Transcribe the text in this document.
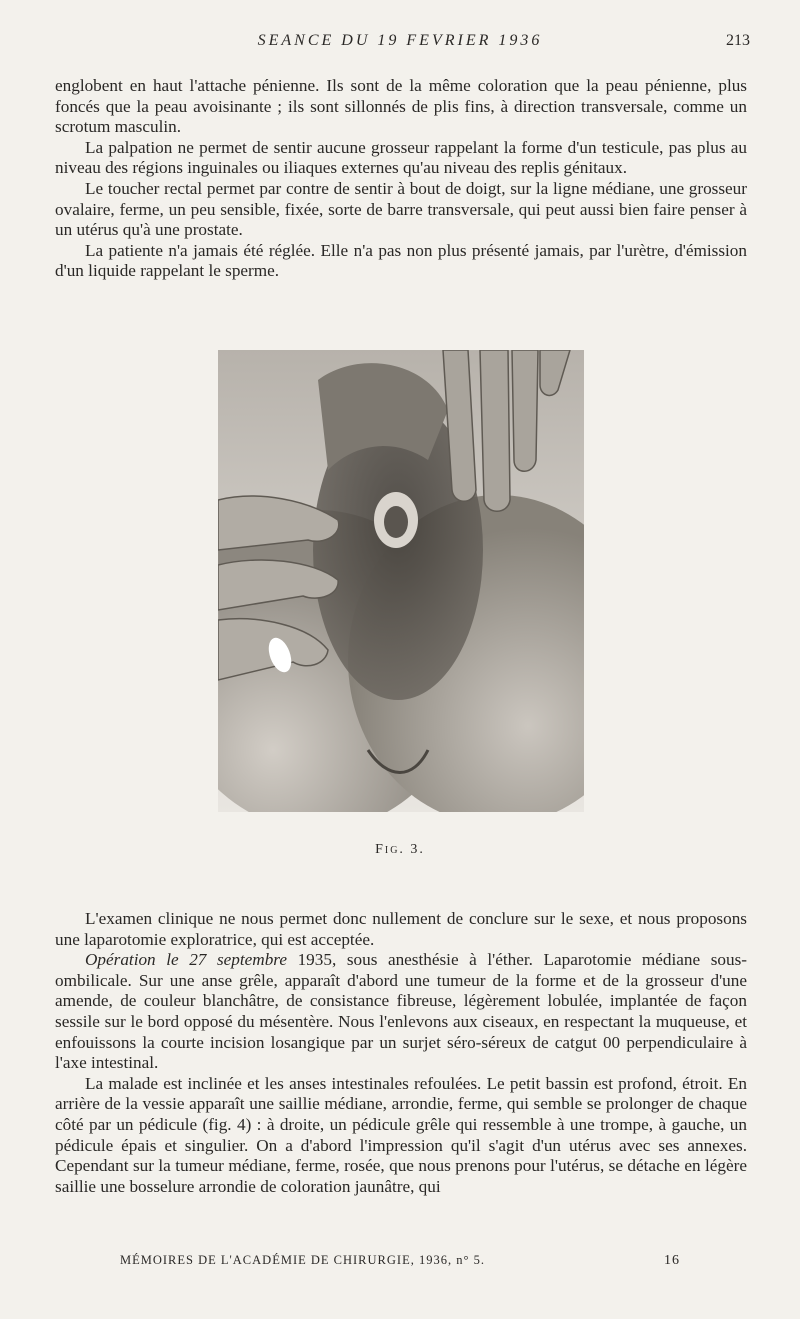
SEANCE DU 19 FEVRIER 1936	213

englobent en haut l'attache pénienne. Ils sont de la même coloration que la peau pénienne, plus foncés que la peau avoisinante ; ils sont sillonnés de plis fins, à direction transversale, comme un scrotum masculin.

La palpation ne permet de sentir aucune grosseur rappelant la forme d'un testicule, pas plus au niveau des régions inguinales ou iliaques externes qu'au niveau des replis génitaux.

Le toucher rectal permet par contre de sentir à bout de doigt, sur la ligne médiane, une grosseur ovalaire, ferme, un peu sensible, fixée, sorte de barre transversale, qui peut aussi bien faire penser à un utérus qu'à une prostate.

La patiente n'a jamais été réglée. Elle n'a pas non plus présenté jamais, par l'urètre, d'émission d'un liquide rappelant le sperme.

Fig. 3.

L'examen clinique ne nous permet donc nullement de conclure sur le sexe, et nous proposons une laparotomie exploratrice, qui est acceptée.

Opération le 27 septembre 1935, sous anesthésie à l'éther. Laparotomie médiane sous-ombilicale. Sur une anse grêle, apparaît d'abord une tumeur de la forme et de la grosseur d'une amende, de couleur blanchâtre, de consistance fibreuse, légèrement lobulée, implantée de façon sessile sur le bord opposé du mésentère. Nous l'enlevons aux ciseaux, en respectant la muqueuse, et enfouissons la courte incision losangique par un surjet séro-séreux de catgut 00 perpendiculaire à l'axe intestinal.

La malade est inclinée et les anses intestinales refoulées. Le petit bassin est profond, étroit. En arrière de la vessie apparaît une saillie médiane, arrondie, ferme, qui semble se prolonger de chaque côté par un pédicule (fig. 4) : à droite, un pédicule grêle qui ressemble à une trompe, à gauche, un pédicule épais et singulier. On a d'abord l'impression qu'il s'agit d'un utérus avec ses annexes. Cependant sur la tumeur médiane, ferme, rosée, que nous prenons pour l'utérus, se détache en légère saillie une bosselure arrondie de coloration jaunâtre, qui

MÉMOIRES DE L'ACADÉMIE DE CHIRURGIE, 1936, n° 5.	16
